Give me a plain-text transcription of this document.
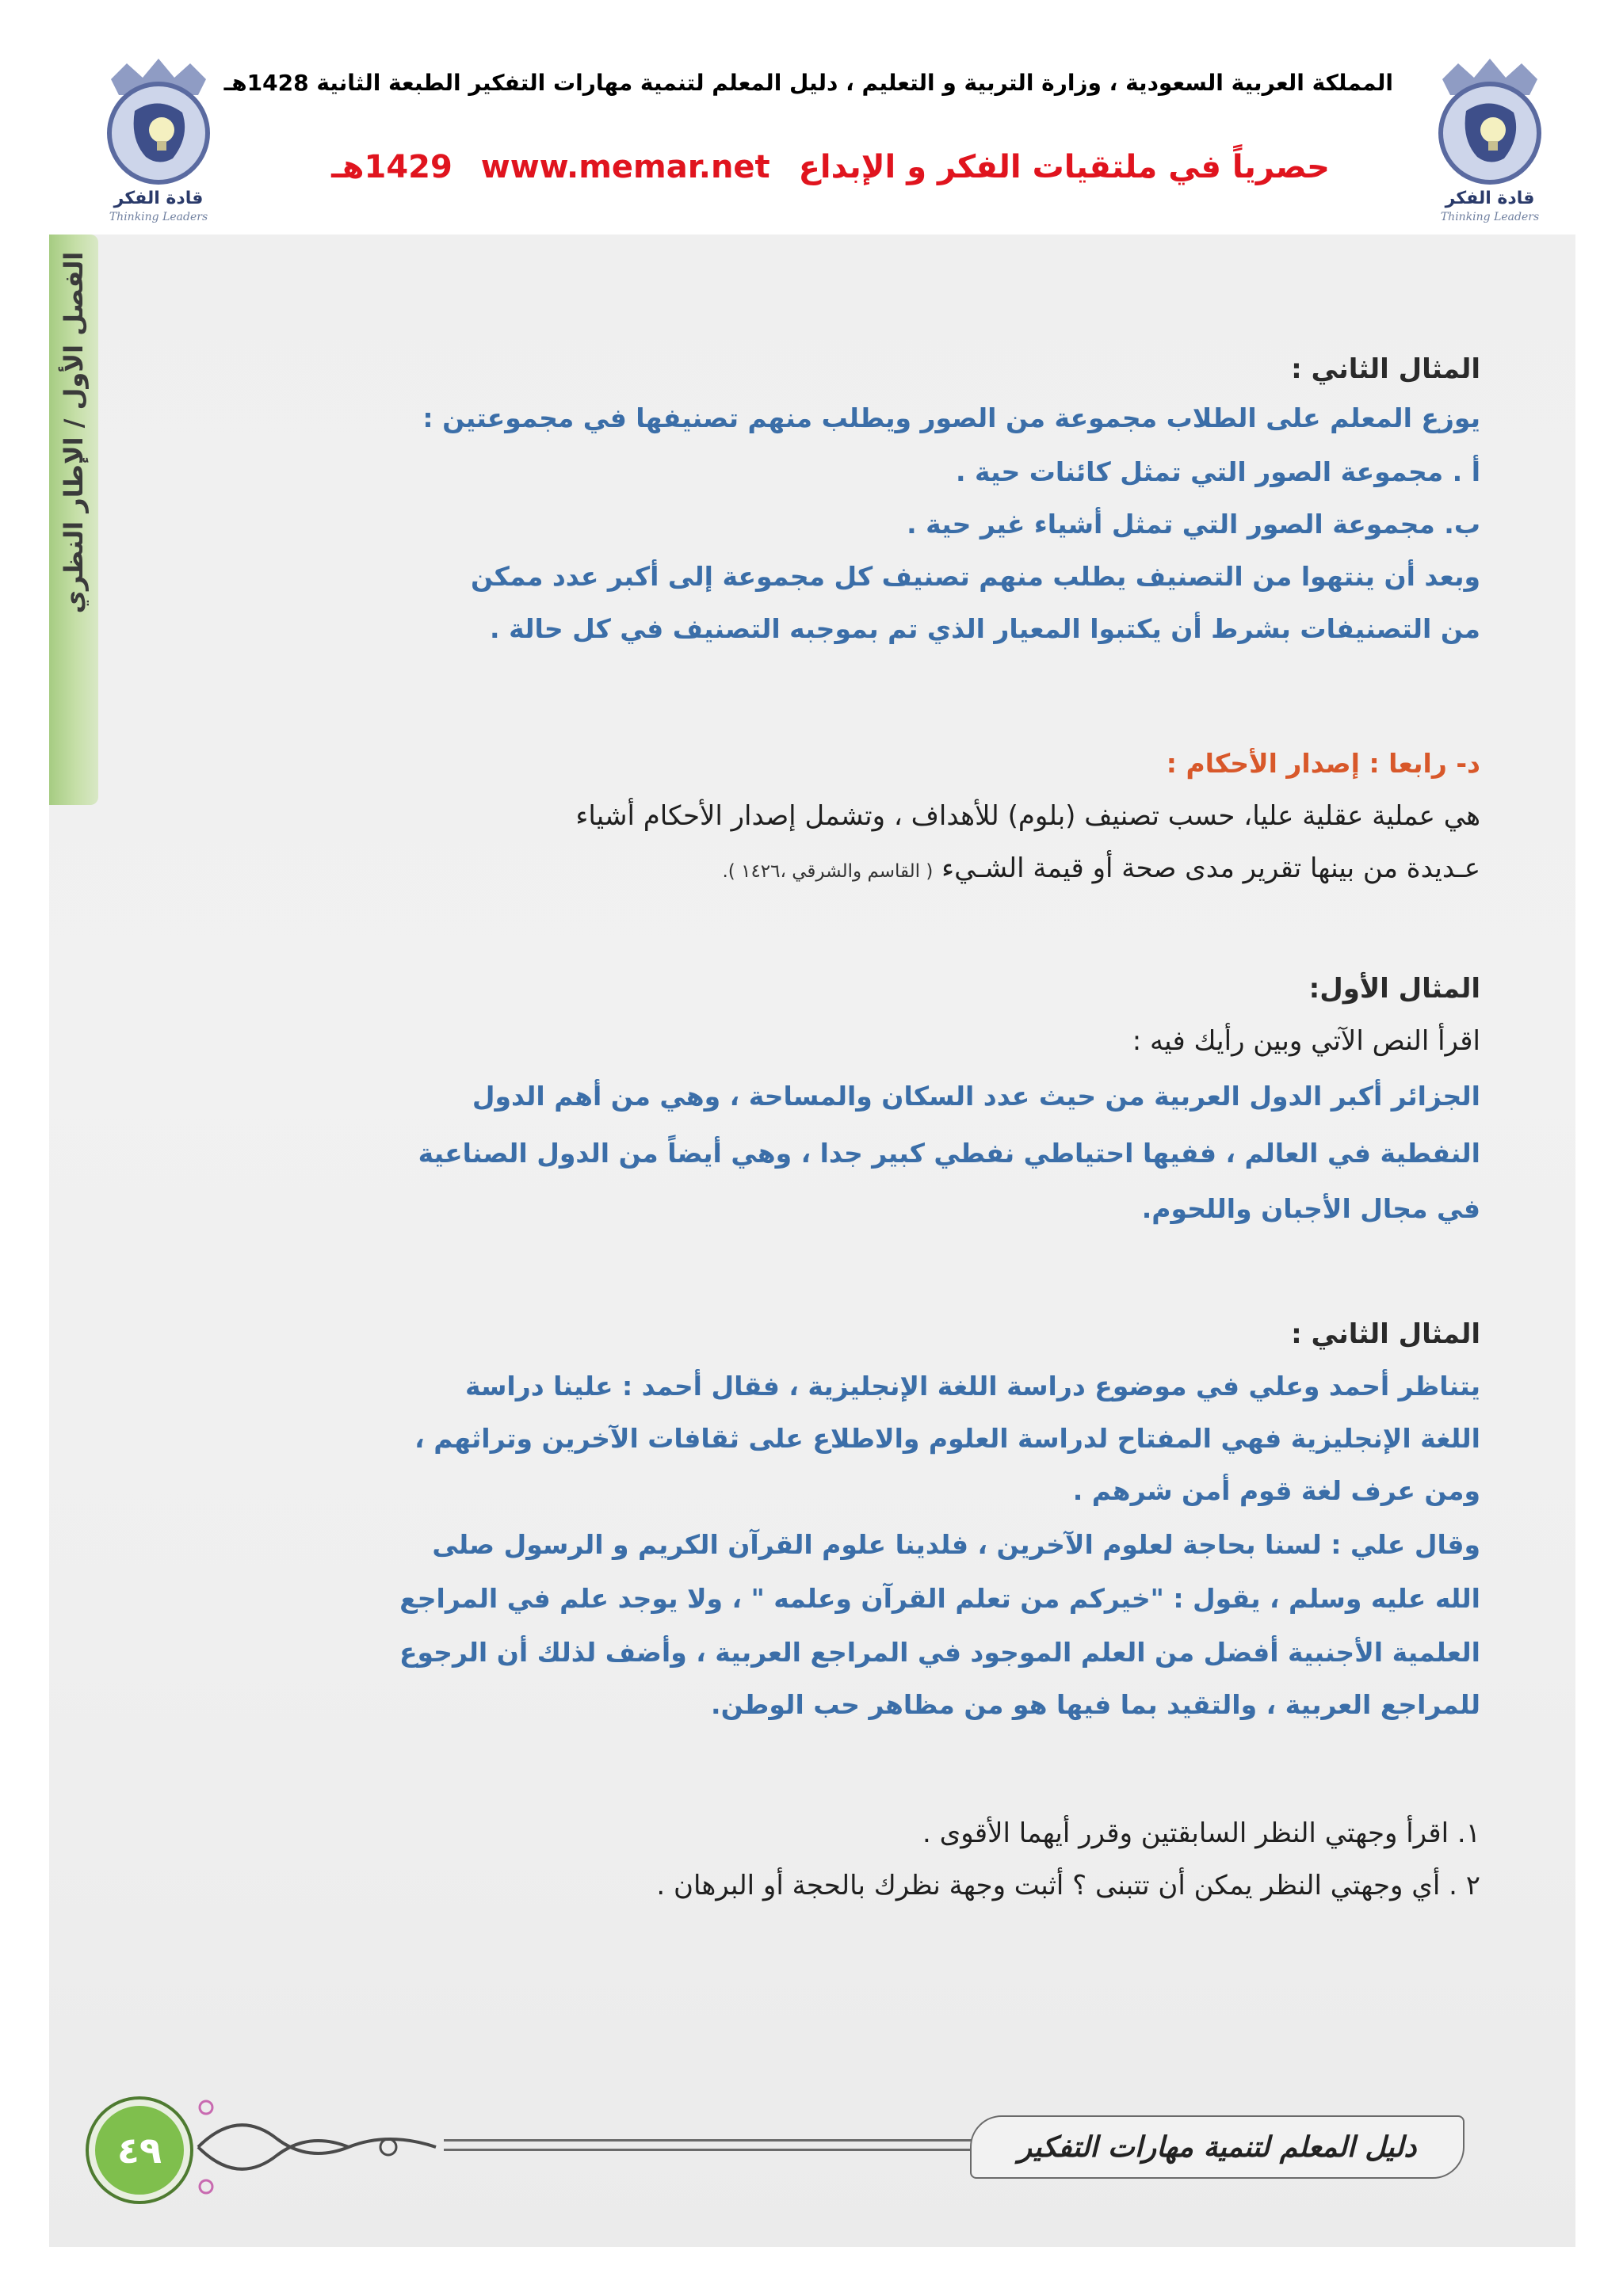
قادة الفكر
Thinking Leaders
قادة الفكر
Thinking Leaders
المملكة العربية السعودية ، وزارة التربية و التعليم ، دليل المعلم لتنمية مهارات التفكير الطبعة الثانية 1428هـ
حصرياً في ملتقيات الفكر و الإبداع www.memar.net 1429هـ
الفصل الأول / الإطار النظري	المثال الثاني :
يوزع المعلم على الطلاب مجموعة من الصور ويطلب منهم تصنيفها في مجموعتين :
أ . مجموعة الصور التي تمثل كائنات حية .
ب. مجموعة الصور التي تمثل أشياء غير حية .
وبعد أن ينتهوا من التصنيف يطلب منهم تصنيف كل مجموعة إلى أكبر عدد ممكن
من التصنيفات بشرط أن يكتبوا المعيار الذي تم بموجبه التصنيف في كل حالة .
د- رابعا : إصدار الأحكام :
هي عملية عقلية عليا، حسب تصنيف (بلوم) للأهداف ، وتشمل إصدار الأحكام أشياء
عـديدة من بينها تقرير مدى صحة أو قيمة الشـيء ( القاسم والشرقي ،١٤٢٦ ).
المثال الأول:
اقرأ النص الآتي وبين رأيك فيه :
الجزائر أكبر الدول العربية من حيث عدد السكان والمساحة ، وهي من أهم الدول
النفطية في العالم ، ففيها احتياطي نفطي كبير جدا ، وهي أيضاً من الدول الصناعية
في مجال الأجبان واللحوم.
المثال الثاني :
يتناظر أحمد وعلي في موضوع دراسة اللغة الإنجليزية ، فقال أحمد : علينا دراسة
اللغة الإنجليزية فهي المفتاح لدراسة العلوم والاطلاع على ثقافات الآخرين وتراثهم ،
ومن عرف لغة قوم أمن شرهم .
وقال علي : لسنا بحاجة لعلوم الآخرين ، فلدينا علوم القرآن الكريم و الرسول صلى
الله عليه وسلم ، يقول : "خيركم من تعلم القرآن وعلمه " ، ولا يوجد علم في المراجع
العلمية الأجنبية أفضل من العلم الموجود في المراجع العربية ، وأضف لذلك أن الرجوع
للمراجع العربية ، والتقيد بما فيها هو من مظاهر حب الوطن.
١. اقرأ وجهتي النظر السابقتين وقرر أيهما الأقوى .
٢ . أي وجهتي النظر يمكن أن تتبنى ؟ أثبت وجهة نظرك بالحجة أو البرهان .
٤٩	دليل المعلم لتنمية مهارات التفكير
